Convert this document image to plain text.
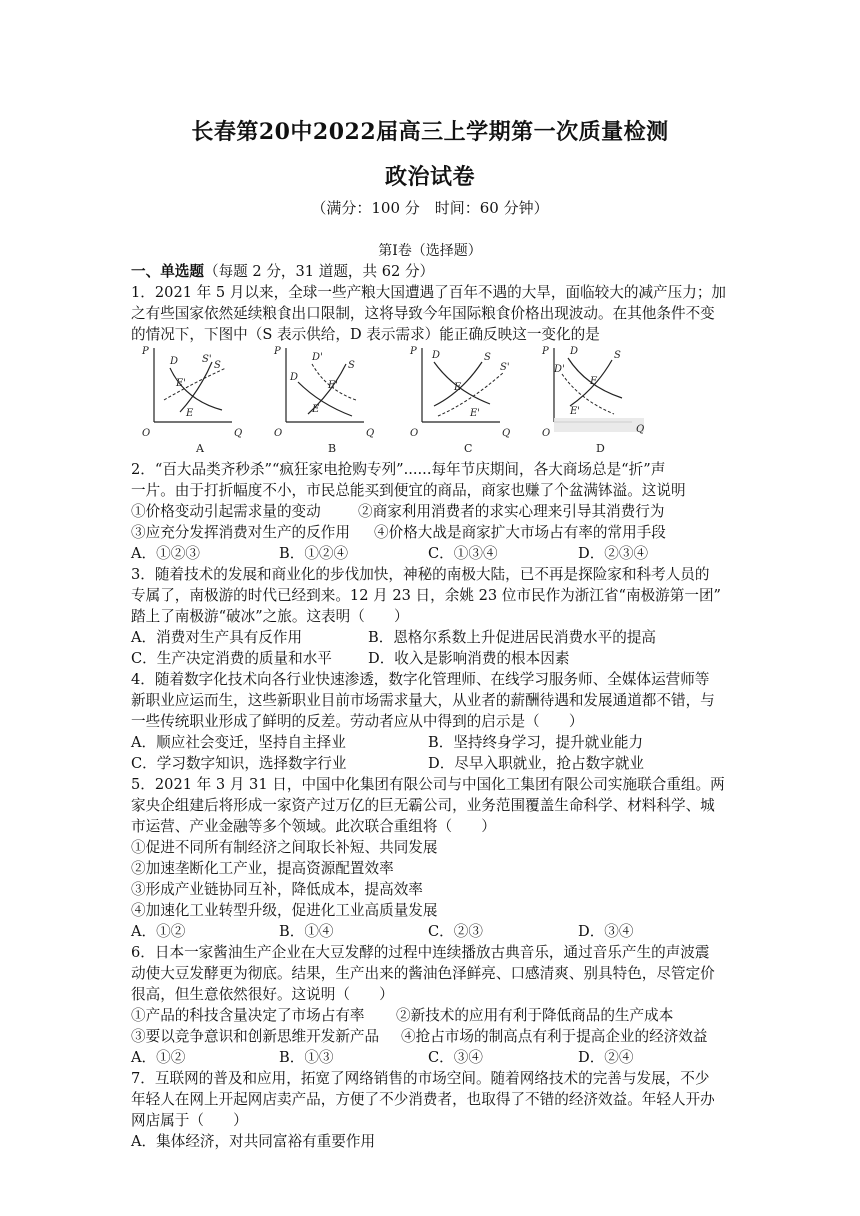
长春第20中2022届高三上学期第一次质量检测
政治试卷
（满分：100 分　时间：60 分钟）
第Ⅰ卷（选择题）
一、单选题（每题 2 分，31 道题，共 62 分）
1．2021 年 5 月以来，全球一些产粮大国遭遇了百年不遇的大旱，面临较大的减产压力；加
之有些国家依然延续粮食出口限制，这将导致今年国际粮食价格出现波动。在其他条件不变
的情况下，下图中（S 表示供给，D 表示需求）能正确反映这一变化的是
P
Q
O
D S'
S
E'
E
A
P
Q
O
D'
D
S
E'
E
B
P
Q
O
D	S
S'
E
E'
C
P
Q
O
D	S
D'
E
E'
D
2．“百大品类齐秒杀”“疯狂家电抢购专列”......每年节庆期间，各大商场总是“折”声
一片。由于打折幅度不小，市民总能买到便宜的商品，商家也赚了个盆满钵溢。这说明
①价格变动引起需求量的变动	②商家利用消费者的求实心理来引导其消费行为
③应充分发挥消费对生产的反作用 ④价格大战是商家扩大市场占有率的常用手段
A．①②③	B．①②④	C．①③④	D．②③④
3．随着技术的发展和商业化的步伐加快，神秘的南极大陆，已不再是探险家和科考人员的
专属了，南极游的时代已经到来。12 月 23 日，余姚 23 位市民作为浙江省“南极游第一团”
踏上了南极游“破冰”之旅。这表明（　　）
A．消费对生产具有反作用	B．恩格尔系数上升促进居民消费水平的提高
C．生产决定消费的质量和水平 D．收入是影响消费的根本因素
4．随着数字化技术向各行业快速渗透，数字化管理师、在线学习服务师、全媒体运营师等
新职业应运而生，这些新职业目前市场需求量大，从业者的薪酬待遇和发展通道都不错，与
一些传统职业形成了鲜明的反差。劳动者应从中得到的启示是（　　）
A．顺应社会变迁，坚持自主择业	B．坚持终身学习，提升就业能力
C．学习数字知识，选择数字行业	D．尽早入职就业，抢占数字就业
5．2021 年 3 月 31 日，中国中化集团有限公司与中国化工集团有限公司实施联合重组。两
家央企组建后将形成一家资产过万亿的巨无霸公司，业务范围覆盖生命科学、材料科学、城
市运营、产业金融等多个领域。此次联合重组将（　　）
①促进不同所有制经济之间取长补短、共同发展
②加速垄断化工产业，提高资源配置效率
③形成产业链协同互补，降低成本，提高效率
④加速化工业转型升级，促进化工业高质量发展
A．①②	B．①④	C．②③	D．③④
6．日本一家酱油生产企业在大豆发酵的过程中连续播放古典音乐，通过音乐产生的声波震
动使大豆发酵更为彻底。结果，生产出来的酱油色泽鲜亮、口感清爽、别具特色，尽管定价
很高，但生意依然很好。这说明（　　）
①产品的科技含量决定了市场占有率 ②新技术的应用有利于降低商品的生产成本
③要以竞争意识和创新思维开发新产品 ④抢占市场的制高点有利于提高企业的经济效益
A．①②	B．①③	C．③④	D．②④
7．互联网的普及和应用，拓宽了网络销售的市场空间。随着网络技术的完善与发展，不少
年轻人在网上开起网店卖产品，方便了不少消费者，也取得了不错的经济效益。年轻人开办
网店属于（　　）
A．集体经济，对共同富裕有重要作用
